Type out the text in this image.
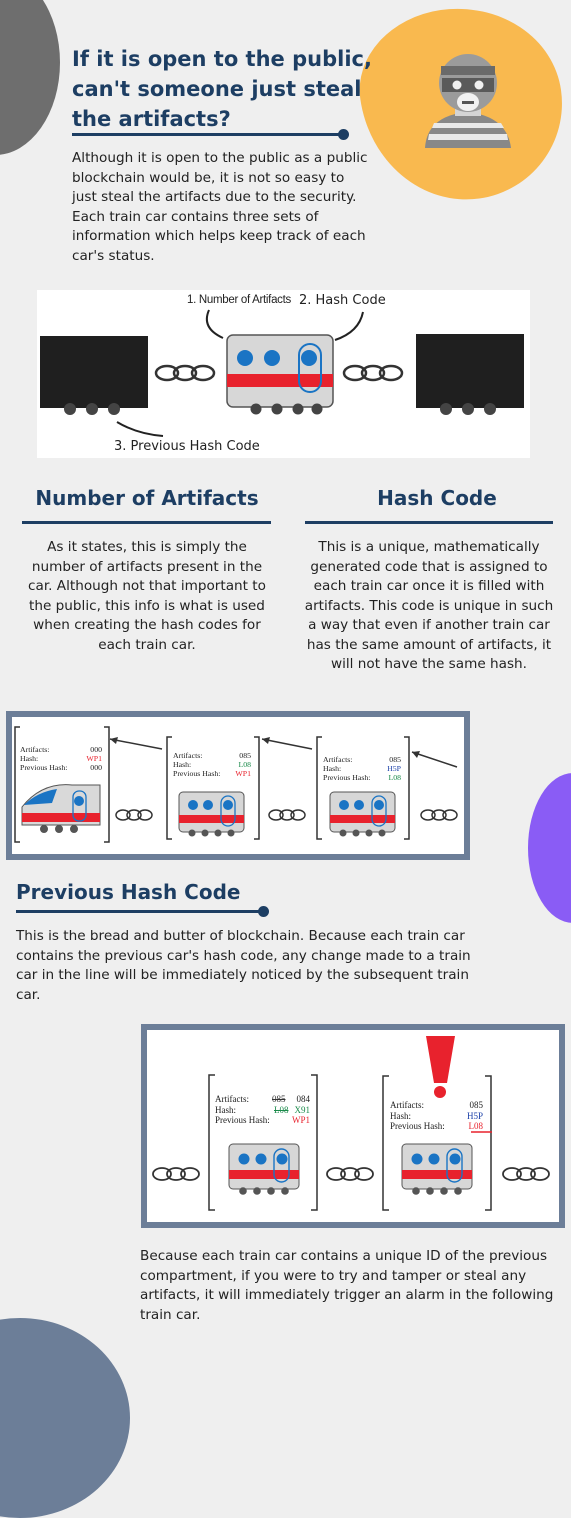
If it is open to the public,
can't someone just steal
the artifacts?
Although it is open to the public as a public blockchain would be, it is not so easy to just steal the artifacts due to the security. Each train car contains three sets of information which helps keep track of each car's status.
1. Number of Artifacts 2. Hash Code
3. Previous Hash Code
Number of Artifacts	Hash Code
As it states, this is simply the number of artifacts present in the car. Although not that important to the public, this info is what is used when creating the hash codes for each train car.
This is a unique, mathematically generated code that is assigned to each train car once it is filled with artifacts. This code is unique in such a way that even if another train car has the same amount of artifacts, it will not have the same hash.
Artifacts:	000
Hash:	WP1
Previous Hash:	000
Artifacts:	085
Hash:	L08
Previous Hash: WP1
Artifacts:	085
Hash:	H5P
Previous Hash: L08
Previous Hash Code
This is the bread and butter of blockchain. Because each train car contains the previous car's hash code, any change made to a train car in the line will be immediately noticed by the subsequent train car.
Artifacts:	085 084
Hash:	L08 X91
Previous Hash: WP1
Artifacts:	085
Hash:	H5P
Previous Hash:	L08
Because each train car contains a unique ID of the previous compartment, if you were to try and tamper or steal any artifacts, it will immediately trigger an alarm in the following train car.
